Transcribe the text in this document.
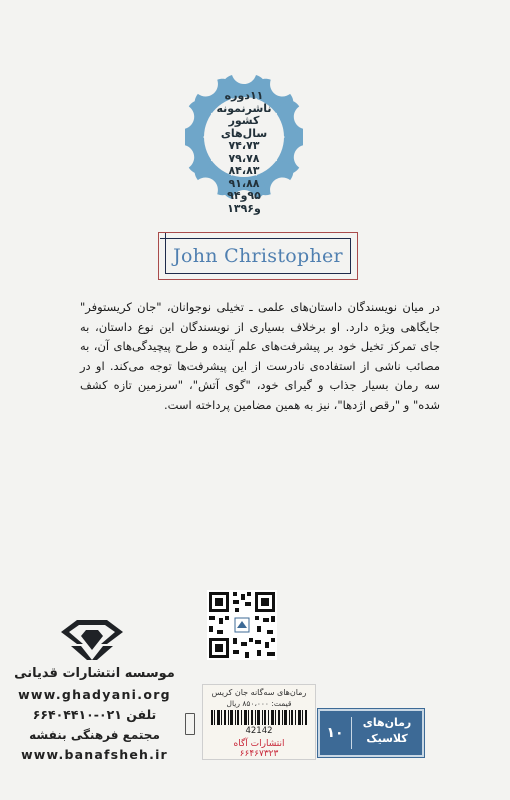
۱۱دوره
ناشرنمونه
کشور
سال‌های
۷۴،۷۳
۷۹،۷۸
۸۴،۸۳
۹۱،۸۸
۹۵و۹۴
و۱۳۹۶
John Christopher

در میان نویسندگان داستان‌های علمی ـ تخیلی نوجوانان، "جان کریستوفر" جایگاهی ویژه دارد. او برخلاف بسیاری از نویسندگان این نوع داستان، به جای تمرکز تخیل خود بر پیشرفت‌های علم آینده و طرح پیچیدگی‌های آن، به مصائب ناشی از استفاده‌ی نادرست از این پیشرفت‌ها توجه می‌کند. او در سه رمان بسیار جذاب و گیرای خود، "گوی آتش"، "سرزمین تازه کشف شده" و "رقص اژدها"، نیز به همین مضامین پرداخته است.

موسسه انتشارات قدیانی
www.ghadyani.org
تلفن ۰۲۱-۶۶۴۰۴۴۱۰
مجتمع فرهنگی بنفشه
www.banafsheh.ir
رمان‌های سه‌گانه جان کریس
قیمت: ۸۵۰،۰۰۰ ریال
42142
انتشارات آگاه
۶۶۴۶۷۳۲۳
۱۰
رمان‌های کلاسیک
